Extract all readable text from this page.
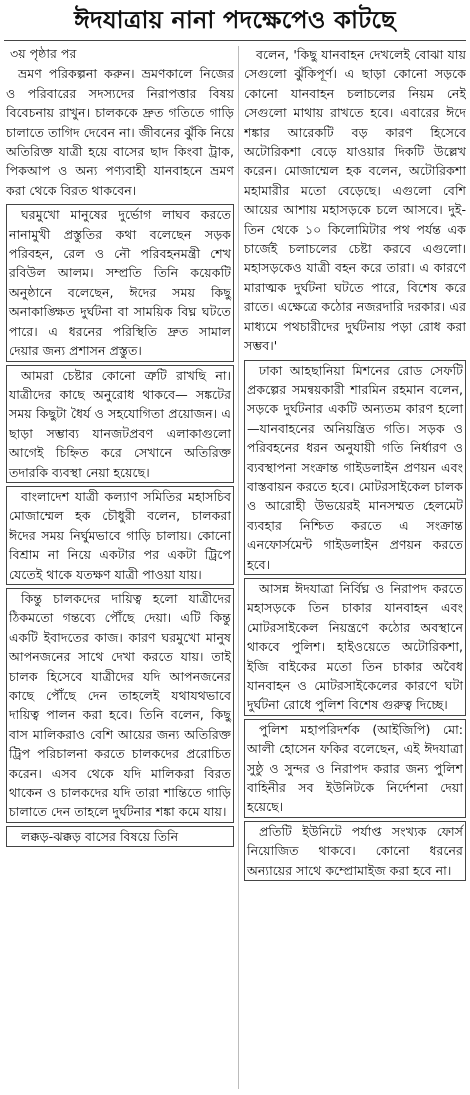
ঈদযাত্রায় নানা পদক্ষেপেও কাটছে

৩য় পৃষ্ঠার পর

ভ্রমণ পরিকল্পনা করুন। ভ্রমণকালে নিজের ও পরিবারের সদস্যদের নিরাপত্তার বিষয় বিবেচনায় রাখুন। চালককে দ্রুত গতিতে গাড়ি চালাতে তাগিদ দেবেন না। জীবনের ঝুঁকি নিয়ে অতিরিক্ত যাত্রী হয়ে বাসের ছাদ কিংবা ট্রাক, পিকআপ ও অন্য পণ্যবাহী যানবাহনে ভ্রমণ করা থেকে বিরত থাকবেন।

ঘরমুখো মানুষের দুর্ভোগ লাঘব করতে নানামুখী প্রস্তুতির কথা বলেছেন সড়ক পরিবহন, রেল ও নৌ পরিবহনমন্ত্রী শেখ রবিউল আলম। সম্প্রতি তিনি কয়েকটি অনুষ্ঠানে বলেছেন, ঈদের সময় কিছু অনাকাঙ্ক্ষিত দুর্ঘটনা বা সাময়িক বিঘ্ন ঘটতে পারে। এ ধরনের পরিস্থিতি দ্রুত সামাল দেয়ার জন্য প্রশাসন প্রস্তুত।

আমরা চেষ্টার কোনো ত্রুটি রাখছি না। যাত্রীদের কাছে অনুরোধ থাকবে— সঙ্কটের সময় কিছুটা ধৈর্য ও সহযোগিতা প্রয়োজন। এ ছাড়া সম্ভাব্য যানজটপ্রবণ এলাকাগুলো আগেই চিহ্নিত করে সেখানে অতিরিক্ত তদারকি ব্যবস্থা নেয়া হয়েছে।

বাংলাদেশ যাত্রী কল্যাণ সমিতির মহাসচিব মোজাম্মেল হক চৌধুরী বলেন, চালকরা ঈদের সময় নির্ঘুমভাবে গাড়ি চালায়। কোনো বিশ্রাম না নিয়ে একটার পর একটা ট্রিপে যেতেই থাকে যতক্ষণ যাত্রী পাওয়া যায়।

কিন্তু চালকদের দায়িত্ব হলো যাত্রীদের ঠিকমতো গন্তব্যে পৌঁছে দেয়া। এটি কিন্তু একটি ইবাদতের কাজ। কারণ ঘরমুখো মানুষ আপনজনের সাথে দেখা করতে যায়। তাই চালক হিসেবে যাত্রীদের যদি আপনজনের কাছে পৌঁছে দেন তাহলেই যথাযথভাবে দায়িত্ব পালন করা হবে। তিনি বলেন, কিছু বাস মালিকরাও বেশি আয়ের জন্য অতিরিক্ত ট্রিপ পরিচালনা করতে চালকদের প্ররোচিত করেন। এসব থেকে যদি মালিকরা বিরত থাকেন ও চালকদের যদি তারা শান্তিতে গাড়ি চালাতে দেন তাহলে দুর্ঘটনার শঙ্কা কমে যায়।

লক্কড়-ঝক্কড় বাসের বিষয়ে তিনি

বলেন, 'কিছু যানবাহন দেখলেই বোঝা যায় সেগুলো ঝুঁকিপূর্ণ। এ ছাড়া কোনো সড়কে কোনো যানবাহন চলাচলের নিয়ম নেই সেগুলো মাথায় রাখতে হবে। এবারের ঈদে শঙ্কার আরেকটি বড় কারণ হিসেবে অটোরিকশা বেড়ে যাওয়ার দিকটি উল্লেখ করেন। মোজাম্মেল হক বলেন, অটোরিকশা মহামারীর মতো বেড়েছে। এগুলো বেশি আয়ের আশায় মহাসড়কে চলে আসবে। দুই-তিন থেকে ১০ কিলোমিটার পথ পর্যন্ত এক চার্জেই চলাচলের চেষ্টা করবে এগুলো। মহাসড়কেও যাত্রী বহন করে তারা। এ কারণে মারাত্মক দুর্ঘটনা ঘটতে পারে, বিশেষ করে রাতে। এক্ষেত্রে কঠোর নজরদারি দরকার। এর মাধ্যমে পথচারীদের দুর্ঘটনায় পড়া রোধ করা সম্ভব।'

ঢাকা আহছানিয়া মিশনের রোড সেফটি প্রকল্পের সমন্বয়কারী শারমিন রহমান বলেন, সড়কে দুর্ঘটনার একটি অন্যতম কারণ হলো—যানবাহনের অনিয়ন্ত্রিত গতি। সড়ক ও পরিবহনের ধরন অনুযায়ী গতি নির্ধারণ ও ব্যবস্থাপনা সংক্রান্ত গাইডলাইন প্রণয়ন এবং বাস্তবায়ন করতে হবে। মোটরসাইকেল চালক ও আরোহী উভয়েরই মানসম্মত হেলমেট ব্যবহার নিশ্চিত করতে এ সংক্রান্ত এনফোর্সমেন্ট গাইডলাইন প্রণয়ন করতে হবে।

আসন্ন ঈদযাত্রা নির্বিঘ্ন ও নিরাপদ করতে মহাসড়কে তিন চাকার যানবাহন এবং মোটরসাইকেল নিয়ন্ত্রণে কঠোর অবস্থানে থাকবে পুলিশ। হাইওয়েতে অটোরিকশা, ইজি বাইকের মতো তিন চাকার অবৈধ যানবাহন ও মোটরসাইকেলের কারণে ঘটা দুর্ঘটনা রোধে পুলিশ বিশেষ গুরুত্ব দিচ্ছে।

পুলিশ মহাপরিদর্শক (আইজিপি) মো: আলী হোসেন ফকির বলেছেন, এই ঈদযাত্রা সুষ্ঠু ও সুন্দর ও নিরাপদ করার জন্য পুলিশ বাহিনীর সব ইউনিটকে নির্দেশনা দেয়া হয়েছে।

প্রতিটি ইউনিটে পর্যাপ্ত সংখ্যক ফোর্স নিয়োজিত থাকবে। কোনো ধরনের অন্যায়ের সাথে কম্প্রোমাইজ করা হবে না।
